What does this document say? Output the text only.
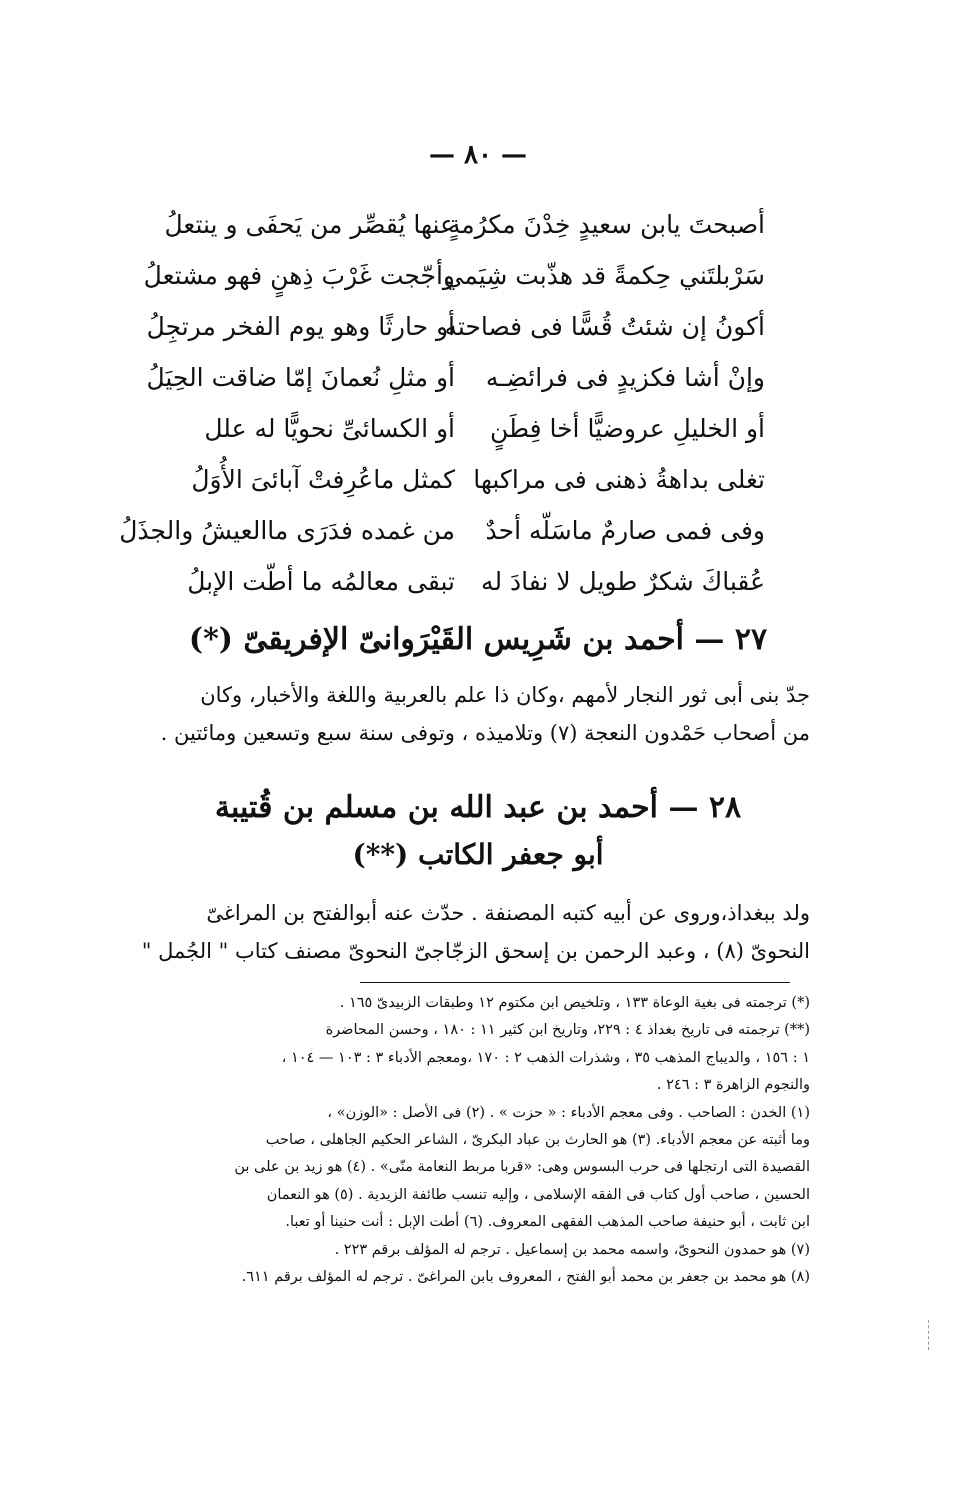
— ٨٠ —
أصبحتَ يابن سعيدٍ خِدْنَ مكرُمةٍ
عنها يُقصِّر من يَحفَى و ينتعلُ
سَرْبلتَني حِكمةً قد هذّبت شِيَمي
وأجّجت غَرْبَ ذِهنٍ فهو مشتعلُ
أكونُ إن شئتُ قُسًّا فى فصاحته
أو حارثًا وهو يوم الفخر مرتجِلُ
وإنْ أشا فكزيدٍ فى فرائضِـه
أو مثلِ نُعمانَ إمّا ضاقت الحِيَلُ
أو الخليلِ عروضيًّا أخا فِطَنٍ
أو الكسائىِّ نحويًّا له علل
تغلى بداهةُ ذهنى فى مراكبها
كمثل ماعُرِفتْ آبائىَ الأُوَلُ
وفى فمى صارمٌ ماسَلّه أحدٌ
من غمده فدَرَى ماالعيشُ والجذَلُ
عُقباكَ شكرٌ طويل لا نفادَ له
تبقى معالمُه ما أطّت الإبلُ
٢٧ — أحمد بن شَرِيس القَيْرَوانىّ الإفريقىّ (*)

جدّ بنى أبى ثور النجار لأمهم ،وكان ذا علم بالعربية واللغة والأخبار، وكان

من أصحاب حَمْدون النعجة (٧) وتلاميذه ، وتوفى سنة سبع وتسعين ومائتين .

٢٨ — أحمد بن عبد الله بن مسلم بن قُتيبة
أبو جعفر الكاتب (**)

ولد ببغداذ،وروى عن أبيه كتبه المصنفة . حدّث عنه أبوالفتح بن المراغىّ

النحوىّ (٨) ، وعبد الرحمن بن إسحق الزجّاجىّ النحوىّ مصنف كتاب " الجُمل "

(*) ترجمته فى بغية الوعاة ١٣٣ ، وتلخيص ابن مكتوم ١٢ وطبقات الزبيدىّ ١٦٥ .

(**) ترجمته فى تاريخ بغداذ ٤ : ٢٢٩، وتاريخ ابن كثير ١١ : ١٨٠ ، وحسن المحاضرة

١ : ١٥٦ ، والديباج المذهب ٣٥ ، وشذرات الذهب ٢ : ١٧٠ ،ومعجم الأدباء ٣ : ١٠٣ — ١٠٤ ،

والنجوم الزاهرة ٣ : ٢٤٦ .

(١) الخدن : الصاحب . وفى معجم الأدباء : « حزت » . (٢) فى الأصل : «الوزن» ،

وما أثبته عن معجم الأدباء. (٣) هو الحارث بن عباد البكرىّ ، الشاعر الحكيم الجاهلى ، صاحب

القصيدة التى ارتجلها فى حرب البسوس وهى: «قربا مربط النعامة منّى» . (٤) هو زيد بن على بن

الحسين ، صاحب أول كتاب فى الفقه الإسلامى ، وإليه تنسب طائفة الزيدية . (٥) هو النعمان

ابن ثابت ، أبو حنيفة صاحب المذهب الفقهى المعروف. (٦) أطت الإبل : أنت حنينا أو تعبا.

(٧) هو حمدون النحوىّ، واسمه محمد بن إسماعيل . ترجم له المؤلف برقم ٢٢٣ .

(٨) هو محمد بن جعفر بن محمد أبو الفتح ، المعروف بابن المراغىّ . ترجم له المؤلف برقم ٦١١.
